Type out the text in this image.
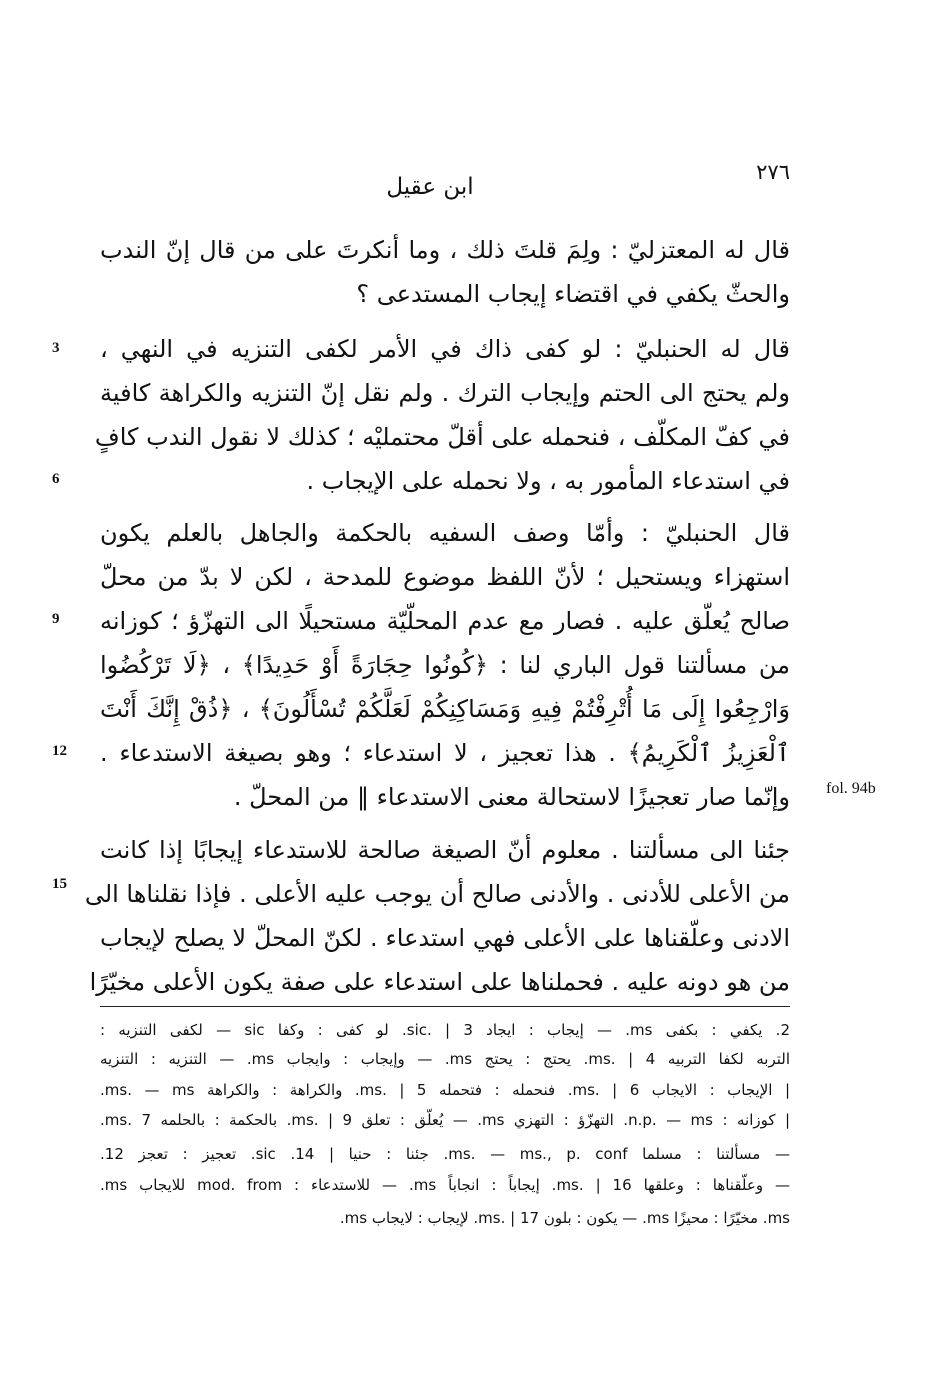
٢٧٦
ابن عقيل
قال له المعتزليّ : ولِمَ قلتَ ذلك ، وما أنكرتَ على من قال إنّ الندب
والحثّ يكفي في اقتضاء إيجاب المستدعى ؟
قال له الحنبليّ : لو كفى ذاك في الأمر لكفى التنزيه في النهي ،
ولم يحتج الى الحتم وإيجاب الترك . ولم نقل إنّ التنزيه والكراهة كافية
في كفّ المكلّف ، فنحمله على أقلّ محتمليْه ؛ كذلك لا نقول الندب كافٍ
في استدعاء المأمور به ، ولا نحمله على الإيجاب .
قال الحنبليّ : وأمّا وصف السفيه بالحكمة والجاهل بالعلم يكون
استهزاء ويستحيل ؛ لأنّ اللفظ موضوع للمدحة ، لكن لا بدّ من محلّ
صالح يُعلّق عليه . فصار مع عدم المحلّيّة مستحيلًا الى التهزّؤ ؛ كوزانه
من مسألتنا قول الباري لنا : ﴿كُونُوا حِجَارَةً أَوْ حَدِيدًا﴾ ، ﴿لَا تَرْكُضُوا
وَارْجِعُوا إِلَى مَا أُتْرِفْتُمْ فِيهِ وَمَسَاكِنِكُمْ لَعَلَّكُمْ تُسْأَلُونَ﴾ ، ﴿ذُقْ إِنَّكَ أَنْتَ
ٱلْعَزِيزُ ٱلْكَرِيمُ﴾ . هذا تعجيز ، لا استدعاء ؛ وهو بصيغة الاستدعاء .
وإنّما صار تعجيزًا لاستحالة معنى الاستدعاء ‖ من المحلّ .
جئنا الى مسألتنا . معلوم أنّ الصيغة صالحة للاستدعاء إيجابًا إذا كانت
من الأعلى للأدنى . والأدنى صالح أن يوجب عليه الأعلى . فإذا نقلناها الى
الادنى وعلّقناها على الأعلى فهي استدعاء . لكنّ المحلّ لا يصلح لإيجاب
من هو دونه عليه . فحملناها على استدعاء على صفة يكون الأعلى مخيّرًا
3
6
9
12
15
fol. 94b
2. يكفي : بكفى ms. — إيجاب : ايجاد sic. | 3. لو كفى : وكفا sic — لكفى التنزيه :
التربه لكفا التربيه ms. | 4. يحتج : يحتج ms. — وإيجاب : وايجاب ms. — التنزيه : التنزيه
| الإيجاب : الايجاب ms. | 6. فنحمله : فتحمله ms. | 5. والكراهة : والكراهة ms. — ms.
| كوزانه : n.p. — ms. التهزّؤ : التهزي ms. — يُعلّق : تعلق ms. | 9. بالحكمة : بالحلمه ms. 7.
— مسألتنا : مسلما ms. — ms., p. conf. جئنا : حنيا | 14. sic. تعجيز : تعجز 12.
— وعلّقناها : وعلقها ms. | 16. إيجاباً : انجاباً ms. — للاستدعاء : mod. from للايجاب ms.
ms. مخيّرًا : محيزًا ms. — يكون : بلون ms. | 17. لإيجاب : لايجاب ms.
